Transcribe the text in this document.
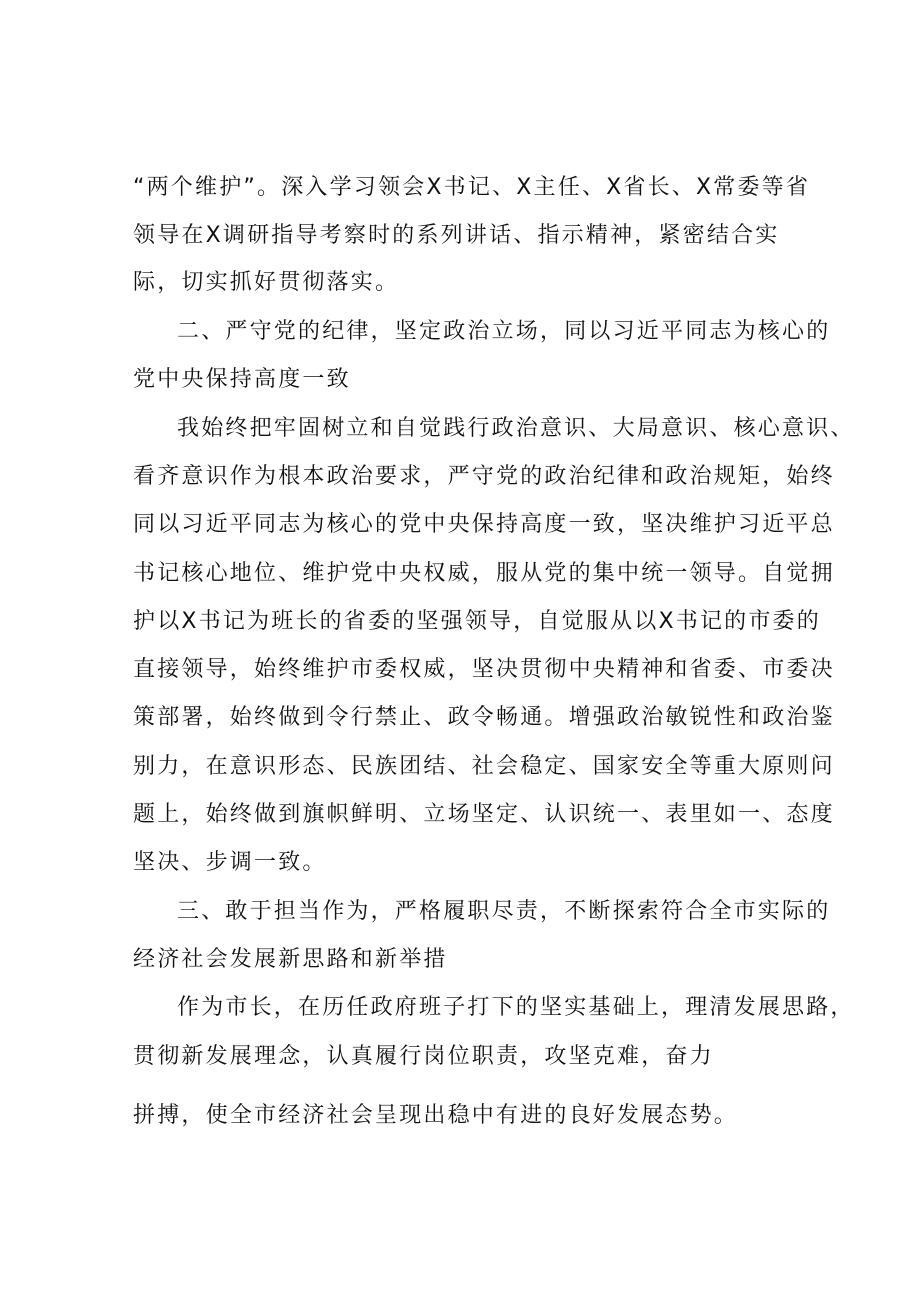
“两个维护”。深入学习领会X书记、X主任、X省长、X常委等省

领导在X调研指导考察时的系列讲话、指示精神，紧密结合实

际，切实抓好贯彻落实。

二、严守党的纪律，坚定政治立场，同以习近平同志为核心的

党中央保持高度一致

我始终把牢固树立和自觉践行政治意识、大局意识、核心意识、

看齐意识作为根本政治要求，严守党的政治纪律和政治规矩，始终

同以习近平同志为核心的党中央保持高度一致，坚决维护习近平总

书记核心地位、维护党中央权威，服从党的集中统一领导。自觉拥

护以X书记为班长的省委的坚强领导，自觉服从以X书记的市委的

直接领导，始终维护市委权威，坚决贯彻中央精神和省委、市委决

策部署，始终做到令行禁止、政令畅通。增强政治敏锐性和政治鉴

别力，在意识形态、民族团结、社会稳定、国家安全等重大原则问

题上，始终做到旗帜鲜明、立场坚定、认识统一、表里如一、态度

坚决、步调一致。

三、敢于担当作为，严格履职尽责，不断探索符合全市实际的

经济社会发展新思路和新举措

作为市长，在历任政府班子打下的坚实基础上，理清发展思路，

贯彻新发展理念，认真履行岗位职责，攻坚克难，奋力

拼搏，使全市经济社会呈现出稳中有进的良好发展态势。
